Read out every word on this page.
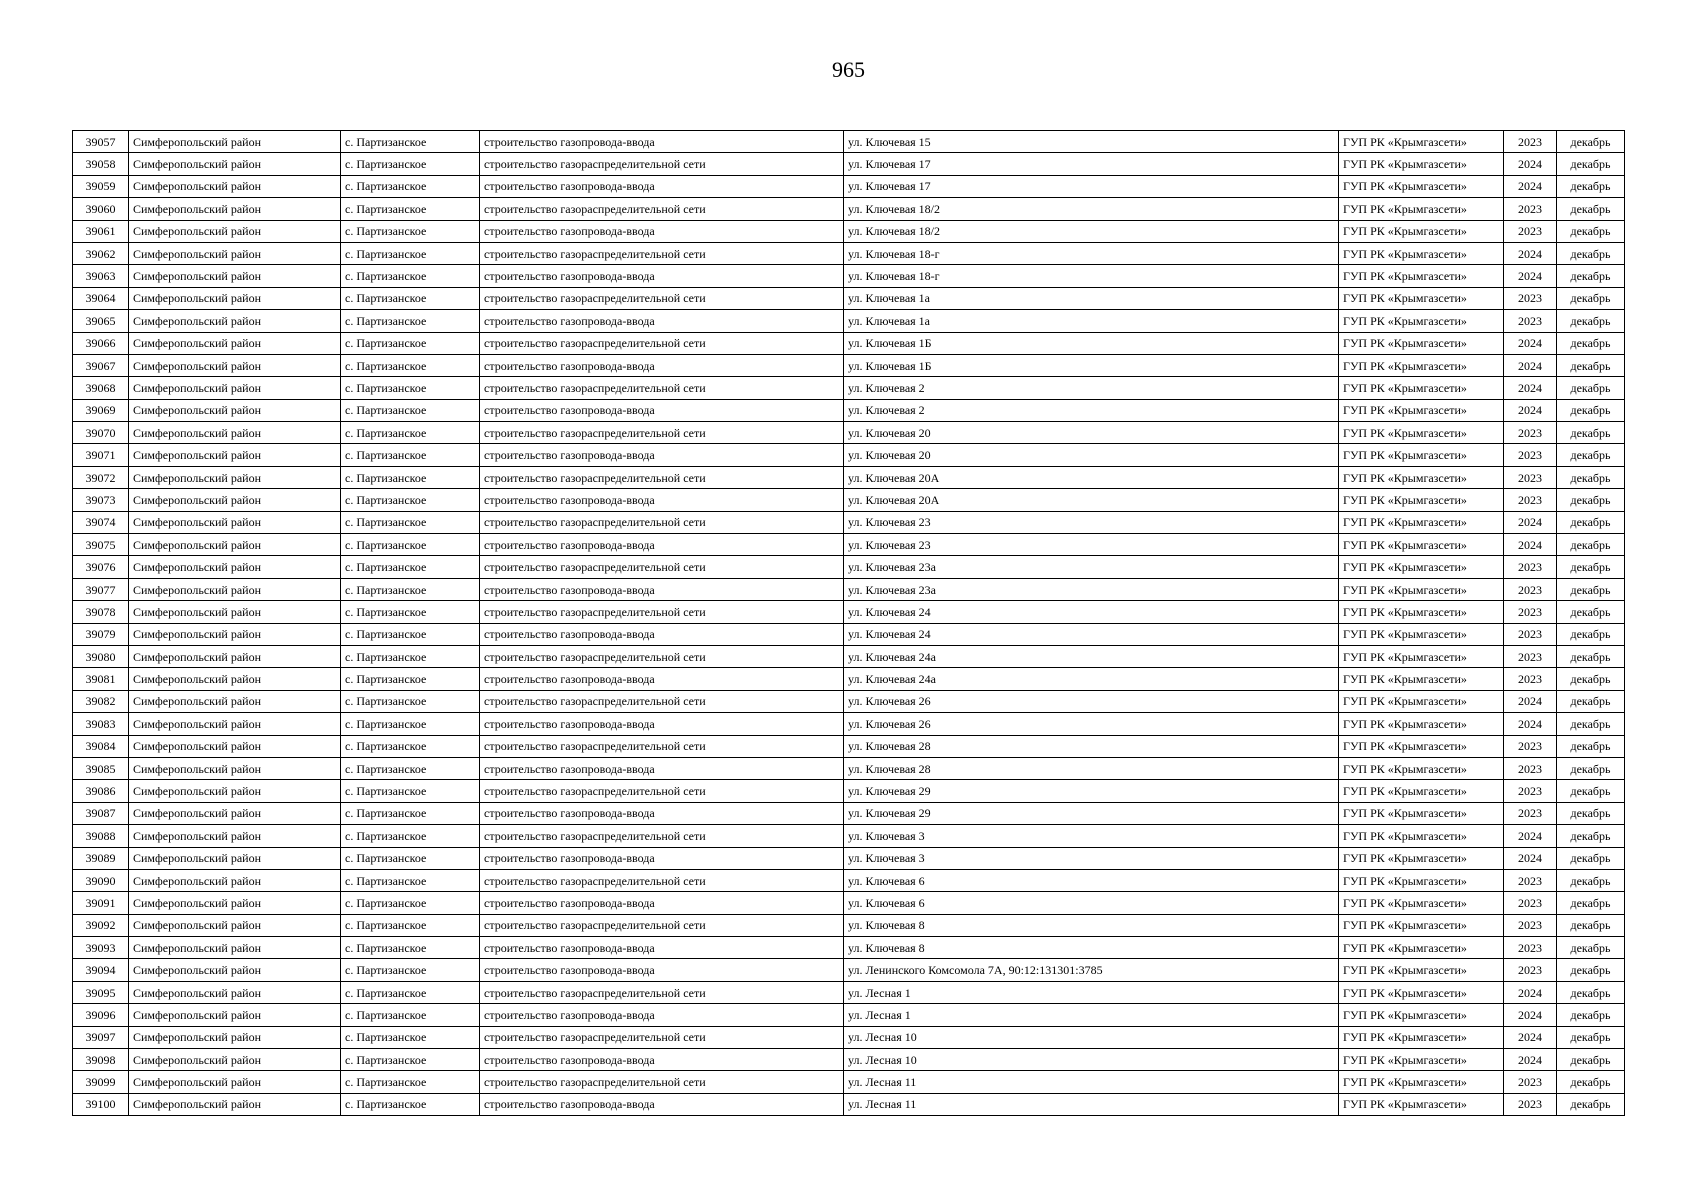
965
39057	Симферопольский район	с. Партизанское	строительство газопровода-ввода	ул. Ключевая 15	ГУП РК «Крымгазсети»	2023	декабрь
39058	Симферопольский район	с. Партизанское	строительство газораспределительной сети	ул. Ключевая 17	ГУП РК «Крымгазсети»	2024	декабрь
39059	Симферопольский район	с. Партизанское	строительство газопровода-ввода	ул. Ключевая 17	ГУП РК «Крымгазсети»	2024	декабрь
39060	Симферопольский район	с. Партизанское	строительство газораспределительной сети	ул. Ключевая 18/2	ГУП РК «Крымгазсети»	2023	декабрь
39061	Симферопольский район	с. Партизанское	строительство газопровода-ввода	ул. Ключевая 18/2	ГУП РК «Крымгазсети»	2023	декабрь
39062	Симферопольский район	с. Партизанское	строительство газораспределительной сети	ул. Ключевая 18-г	ГУП РК «Крымгазсети»	2024	декабрь
39063	Симферопольский район	с. Партизанское	строительство газопровода-ввода	ул. Ключевая 18-г	ГУП РК «Крымгазсети»	2024	декабрь
39064	Симферопольский район	с. Партизанское	строительство газораспределительной сети	ул. Ключевая 1а	ГУП РК «Крымгазсети»	2023	декабрь
39065	Симферопольский район	с. Партизанское	строительство газопровода-ввода	ул. Ключевая 1а	ГУП РК «Крымгазсети»	2023	декабрь
39066	Симферопольский район	с. Партизанское	строительство газораспределительной сети	ул. Ключевая 1Б	ГУП РК «Крымгазсети»	2024	декабрь
39067	Симферопольский район	с. Партизанское	строительство газопровода-ввода	ул. Ключевая 1Б	ГУП РК «Крымгазсети»	2024	декабрь
39068	Симферопольский район	с. Партизанское	строительство газораспределительной сети	ул. Ключевая 2	ГУП РК «Крымгазсети»	2024	декабрь
39069	Симферопольский район	с. Партизанское	строительство газопровода-ввода	ул. Ключевая 2	ГУП РК «Крымгазсети»	2024	декабрь
39070	Симферопольский район	с. Партизанское	строительство газораспределительной сети	ул. Ключевая 20	ГУП РК «Крымгазсети»	2023	декабрь
39071	Симферопольский район	с. Партизанское	строительство газопровода-ввода	ул. Ключевая 20	ГУП РК «Крымгазсети»	2023	декабрь
39072	Симферопольский район	с. Партизанское	строительство газораспределительной сети	ул. Ключевая 20А	ГУП РК «Крымгазсети»	2023	декабрь
39073	Симферопольский район	с. Партизанское	строительство газопровода-ввода	ул. Ключевая 20А	ГУП РК «Крымгазсети»	2023	декабрь
39074	Симферопольский район	с. Партизанское	строительство газораспределительной сети	ул. Ключевая 23	ГУП РК «Крымгазсети»	2024	декабрь
39075	Симферопольский район	с. Партизанское	строительство газопровода-ввода	ул. Ключевая 23	ГУП РК «Крымгазсети»	2024	декабрь
39076	Симферопольский район	с. Партизанское	строительство газораспределительной сети	ул. Ключевая 23а	ГУП РК «Крымгазсети»	2023	декабрь
39077	Симферопольский район	с. Партизанское	строительство газопровода-ввода	ул. Ключевая 23а	ГУП РК «Крымгазсети»	2023	декабрь
39078	Симферопольский район	с. Партизанское	строительство газораспределительной сети	ул. Ключевая 24	ГУП РК «Крымгазсети»	2023	декабрь
39079	Симферопольский район	с. Партизанское	строительство газопровода-ввода	ул. Ключевая 24	ГУП РК «Крымгазсети»	2023	декабрь
39080	Симферопольский район	с. Партизанское	строительство газораспределительной сети	ул. Ключевая 24а	ГУП РК «Крымгазсети»	2023	декабрь
39081	Симферопольский район	с. Партизанское	строительство газопровода-ввода	ул. Ключевая 24а	ГУП РК «Крымгазсети»	2023	декабрь
39082	Симферопольский район	с. Партизанское	строительство газораспределительной сети	ул. Ключевая 26	ГУП РК «Крымгазсети»	2024	декабрь
39083	Симферопольский район	с. Партизанское	строительство газопровода-ввода	ул. Ключевая 26	ГУП РК «Крымгазсети»	2024	декабрь
39084	Симферопольский район	с. Партизанское	строительство газораспределительной сети	ул. Ключевая 28	ГУП РК «Крымгазсети»	2023	декабрь
39085	Симферопольский район	с. Партизанское	строительство газопровода-ввода	ул. Ключевая 28	ГУП РК «Крымгазсети»	2023	декабрь
39086	Симферопольский район	с. Партизанское	строительство газораспределительной сети	ул. Ключевая 29	ГУП РК «Крымгазсети»	2023	декабрь
39087	Симферопольский район	с. Партизанское	строительство газопровода-ввода	ул. Ключевая 29	ГУП РК «Крымгазсети»	2023	декабрь
39088	Симферопольский район	с. Партизанское	строительство газораспределительной сети	ул. Ключевая 3	ГУП РК «Крымгазсети»	2024	декабрь
39089	Симферопольский район	с. Партизанское	строительство газопровода-ввода	ул. Ключевая 3	ГУП РК «Крымгазсети»	2024	декабрь
39090	Симферопольский район	с. Партизанское	строительство газораспределительной сети	ул. Ключевая 6	ГУП РК «Крымгазсети»	2023	декабрь
39091	Симферопольский район	с. Партизанское	строительство газопровода-ввода	ул. Ключевая 6	ГУП РК «Крымгазсети»	2023	декабрь
39092	Симферопольский район	с. Партизанское	строительство газораспределительной сети	ул. Ключевая 8	ГУП РК «Крымгазсети»	2023	декабрь
39093	Симферопольский район	с. Партизанское	строительство газопровода-ввода	ул. Ключевая 8	ГУП РК «Крымгазсети»	2023	декабрь
39094	Симферопольский район	с. Партизанское	строительство газопровода-ввода	ул. Ленинского Комсомола 7А, 90:12:131301:3785	ГУП РК «Крымгазсети»	2023	декабрь
39095	Симферопольский район	с. Партизанское	строительство газораспределительной сети	ул. Лесная 1	ГУП РК «Крымгазсети»	2024	декабрь
39096	Симферопольский район	с. Партизанское	строительство газопровода-ввода	ул. Лесная 1	ГУП РК «Крымгазсети»	2024	декабрь
39097	Симферопольский район	с. Партизанское	строительство газораспределительной сети	ул. Лесная 10	ГУП РК «Крымгазсети»	2024	декабрь
39098	Симферопольский район	с. Партизанское	строительство газопровода-ввода	ул. Лесная 10	ГУП РК «Крымгазсети»	2024	декабрь
39099	Симферопольский район	с. Партизанское	строительство газораспределительной сети	ул. Лесная 11	ГУП РК «Крымгазсети»	2023	декабрь
39100	Симферопольский район	с. Партизанское	строительство газопровода-ввода	ул. Лесная 11	ГУП РК «Крымгазсети»	2023	декабрь
